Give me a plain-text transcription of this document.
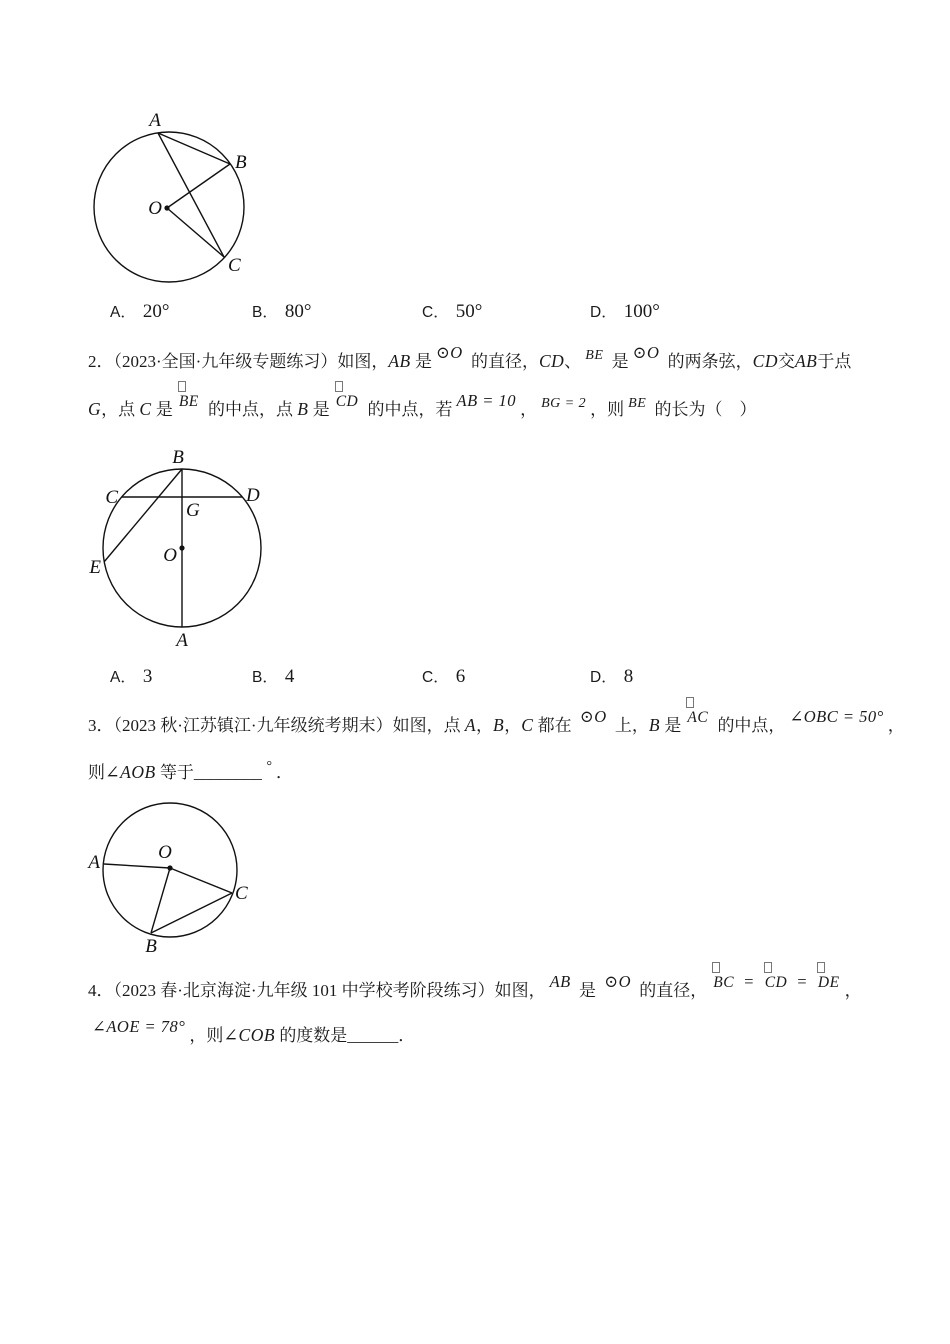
A
B
O
C
A． 20°	B． 80°	C． 50°	D． 100°
2．（2023·全国·九年级专题练习）如图，AB 是 ⊙O 的直径，CD、 BE 是 ⊙O 的两条弦，CD交AB于点
G，点 C 是 BE 的中点，点 B 是 CD 的中点，若 AB = 10 ， BG = 2 ，则 BE 的长为（　）
B
C	D
G
O
E
A
A． 3	B． 4	C． 6	D． 8
3．（2023 秋·江苏镇江·九年级统考期末）如图，点 A，B，C 都在 ⊙O 上，B 是 AC 的中点， ∠OBC = 50° ，
则∠AOB 等于________ ° ．
A	O
C
B
4．（2023 春·北京海淀·九年级 101 中学校考阶段练习）如图， AB 是 ⊙O 的直径， BC = CD = DE ，
∠AOE = 78° ，则∠COB 的度数是______．
